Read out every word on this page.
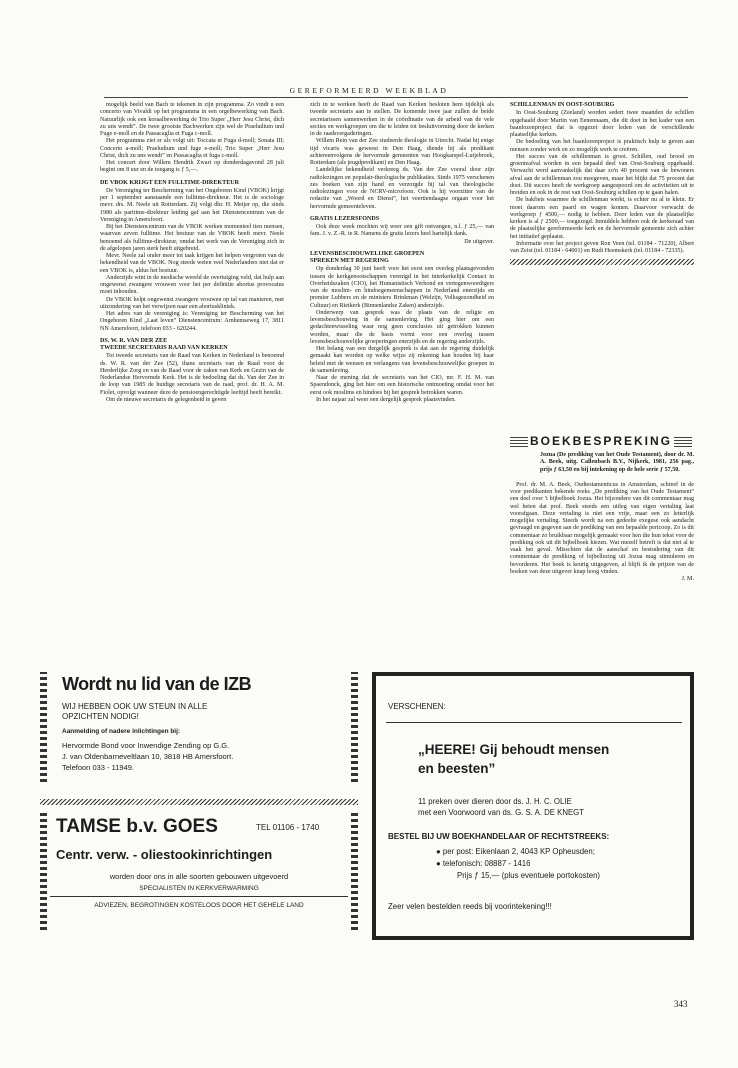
GEREFORMEERD WEEKBLAD

mogelijk beeld van Bach te tekenen in zijn programma. Zo vindt u een concerto van Vivaldi op het programma in een orgelbewerking van Bach. Natuurlijk ook een koraalbewerking de Trio Super „Herr Jesu Christ, dich zu uns wendt”. De twee grootste Bachwerken zijn wel de Praeludium und Fuge e-moll en de Passacaglia et Fuga c-moll.

Het programma ziet er als volgt uit: Toccata et Fuga d-moll; Sonata III; Concerto a-moll; Praeludium und fuge e-moll; Trio Super „Herr Jesu Christ, dich zu uns wendt” en Passacaglia et fuga c-moll.

Het concert door Willem Hendrik Zwart op donderdagavond 28 juli begint om 8 uur en de toegang is ƒ 5,—.

DE VBOK KRIJGT EEN FULLTIME-DIREKTEUR

De Vereniging ter Bescherming van het Ongeboren Kind (VBOK) krijgt per 1 september aanstaande een fulltime-direkteur. Het is de sociologe mevr. drs. M. Neele uit Rotterdam. Zij volgt dhr. H. Meijer op, die sinds 1980 als parttime-direkteur leiding gaf aan het Dienstencentrum van de Vereniging in Amersfoort.

Bij het Dienstencentrum van de VBOK werken momenteel tien mensen, waarvan zeven fulltime. Het bestuur van de VBOK heeft mevr. Neele benoemd als fulltime-direkteur, omdat het werk van de Vereniging zich in de afgelopen jaren sterk heeft uitgebreid.

Mevr. Neele zal onder meer tot taak krijgen het helpen vergroten van de bekendheid van de VBOK. Nog steeds weten veel Nederlanders niet dat er een VBOK is, aldus het bestuur.

Anderzijds wint in de medische wereld de overtuiging veld, dat hulp aan ongewenst zwangere vrouwen voor het per definitie abortus provocatus moet inhouden.

De VBOK helpt ongewenst zwangere vrouwen op tal van manieren, met uitzondering van het verwijzen naar een abortuskliniek.

Het adres van de vereniging is: Vereniging ter Bescherming van het Ongeboren Kind „Laat leven” Dienstencentrum: Arnhemseweg 17, 3811 NN Amersfoort, telefoon 033 - 620244.

DS. W. R. VAN DER ZEE
TWEEDE SECRETARIS RAAD VAN KERKEN

Tot tweede secretaris van de Raad van Kerken in Nederland is benoemd ds. W. R. van der Zee (52), thans secretaris van de Raad voor de Herderlijke Zorg en van de Raad voor de zaken van Kerk en Gezin van de Nederlandse Hervormde Kerk. Het is de bedoeling dat ds. Van der Zee in de loop van 1985 de huidige secretaris van de raad, prof. dr. H. A. M. Fiolet, opvolgt wanneer deze de pensioengerechtigde leeftijd heeft bereikt.

Om de nieuwe secretaris de gelegenheid te geven

zich in te werken heeft de Raad van Kerken besloten hem tijdelijk als tweede secretaris aan te stellen. De komende twee jaar zullen de beide secretarissen samenwerken in de coördinatie van de arbeid van de vele secties en werkgroepen om die te leiden tot besluitvorming door de kerken in de raadsvergaderingen.

Willem Rein van der Zee studeerde theologie in Utrecht. Nadat hij enige tijd vicaris was geweest in Den Haag, diende hij als predikant achtereenvolgens de hervormde gemeenten van Hoogkarspel-Lutjebroek, Rotterdam (als jeugdpredikant) en Den Haag.

Landelijke bekendheid verkreeg ds. Van der Zee vooral door zijn radiolezingen en populair-theologische publikaties. Sinds 1975 verschenen zes boeken van zijn hand en verzorgde hij tal van theologische radiolezingen voor de NCRV-microfoon. Ook is hij voorzitter van de redactie van „Woord en Dienst”, het veertiendaagse orgaan voor het hervormde gemeenteleven.

GRATIS LEZERSFONDS

Ook deze week mochten wij weer een gift ontvangen, n.l. ƒ 25,— van fam. J. v. Z.-R. te R. Namens de gratis lezers heel hartelijk dank.

De uitgever.

LEVENSBESCHOUWELIJKE GROEPEN
SPREKEN MET REGERING

Op donderdag 30 juni heeft voor het eerst een overleg plaatsgevonden tussen de kerkgenootschappen verenigd in het interkerkelijk Contact in Overheidszaken (CIO), het Humanistisch Verbond en vertegenwoordigers van de moslim- en hindoegemeenschappen in Nederland enerzijds en premier Lubbers en de ministers Brinkman (Welzijn, Volksgezondheid en Cultuur) en Rietkerk (Binnenlandse Zaken) anderzijds.

Onderwerp van gesprek was de plaats van de religie en levensbeschouwing in de samenleving. Het ging hier om een gedachtenwisseling waar nog geen conclusies uit getrokken kunnen worden, maar die de basis vormt voor een overleg tussen levensbeschouwelijke groeperingen enerzijds en de regering anderzijds.

Het belang van een dergelijk gesprek is dat aan de regering duidelijk gemaakt kan worden op welke wijze zij rekening kan houden bij haar beleid met de wensen en verlangens van levensbeschouwelijke groepen in de samenleving.

Naar de mening dat de secretaris van het CIO, mr. F. H. M. van Spaendonck, ging het hier om een historische ontmoeting omdat voor het eerst ook moslims en hindoes bij het gesprek betrokken waren.

In het najaar zal weer een dergelijk gesprek plaatsvinden.

SCHILLENMAN IN OOST-SOUBURG

In Oost-Souburg (Zeeland) worden sedert twee maanden de schillen opgehaald door Martin van Eenennaam, die dit doet in het kader van een baanlozenproject dat is opgezet door leden van de verschillende plaatselijke kerken.

De bedoeling van het baanlozenproject is praktisch hulp te geven aan mensen zonder werk en zo mogelijk werk te creëren.

Het succes van de schillenman is groot. Schillen, oud brood en groenteafval worden in een bepaald deel van Oost-Souburg opgehaald. Verwacht werd aanvankelijk dat daar zo'n 40 procent van de bewoners afval aan de schillenman zou meegeven, maar het blijkt dat 75 procent dat doet. Dit succes heeft de werkgroep aangespoord om de activiteiten uit te breiden en ook in de rest van Oost-Souburg schillen op te gaan halen.

De bakfiets waarmee de schillenman werkt, is echter nu al te klein. Er moet daarom een paard en wagen komen. Daarvoor verwacht de werkgroep ƒ 4500,— nodig te hebben. Door leden van de plaatselijke kerken is al ƒ 2500,— toegezegd. Inmiddels hebben ook de kerkeraad van de plaatselijke gereformeerde kerk en de hervormde gemeente zich achter het initiatief geplaatst.

Informatie over het project geven Ron Veen (tel. 01184 - 71220), Albert van Zeist (tel. 01184 - 64001) en Rudi Heemskerk (tel. 01184 - 72335).

BOEKBESPREKING

Jozua (De prediking van het Oude Testament), door dr. M. A. Beek, uitg. Callenbach B.V., Nijkerk, 1981, 256 pag., prijs ƒ 63,50 en bij intekening op de hele serie ƒ 57,50.

Prof. dr. M. A. Beek, Oudtestamenticus in Amsterdam, schreef in de voor predikanten bekende reeks „De prediking van het Oude Testament” een deel over 't bijbelboek Jozua. Het bijzondere van dit commentaar mag wel heten dat prof. Beek steeds een uitleg van eigen vertaling laat voorafgaan. Deze vertaling is niet een vrije, maar een zo letterlijk mogelijke vertaling. Steeds wordt na een gedeelte exegese ook aandacht gevraagd en gegeven aan de prediking van een bepaalde pericoop. Zo is dit commentaar zo bruikbaar mogelijk gemaakt voor hen die hun tekst voor de prediking ook uit dit bijbelboek kiezen. Wat mezelf betreft is dat niet al te vaak het geval. Misschien dat de aanschaf en bestudering van dit commentaar de prediking of bijbellezing uit Jozua mag stimuleren en bevorderen. Het boek is keurig uitgegeven, al blijft ik de prijzen van de boeken van deze uitgever knap hoog vinden.

J. M.

Wordt nu lid van de IZB
WIJ HEBBEN OOK UW STEUN IN ALLE
OPZICHTEN NODIG!
Aanmelding of nadere inlichtingen bij:
Hervormde Bond voor Inwendige Zending op G.G.
J. van Oldenbarneveltlaan 10, 3818 HB Amersfoort.
Telefoon 033 - 11949.
TAMSE b.v. GOES	TEL 01106 - 1740
Centr. verw. - oliestookinrichtingen
worden door ons in alle soorten gebouwen uitgevoerd
SPECIALISTEN IN KERKVERWARMING
ADVIEZEN, BEGROTINGEN KOSTELOOS DOOR HET GEHELE LAND
VERSCHENEN:
„HEERE! Gij behoudt mensen
en beesten”
11 preken over dieren door ds. J. H. C. OLIE
met een Voorwoord van ds. G. S. A. DE KNEGT
BESTEL BIJ UW BOEKHANDELAAR OF RECHTSTREEKS:
● per post: Eikenlaan 2, 4043 KP Opheusden;
● telefonisch: 08887 - 1416
Prijs ƒ 15,— (plus eventuele portokosten)
Zeer velen bestelden reeds bij voorintekening!!!
343
